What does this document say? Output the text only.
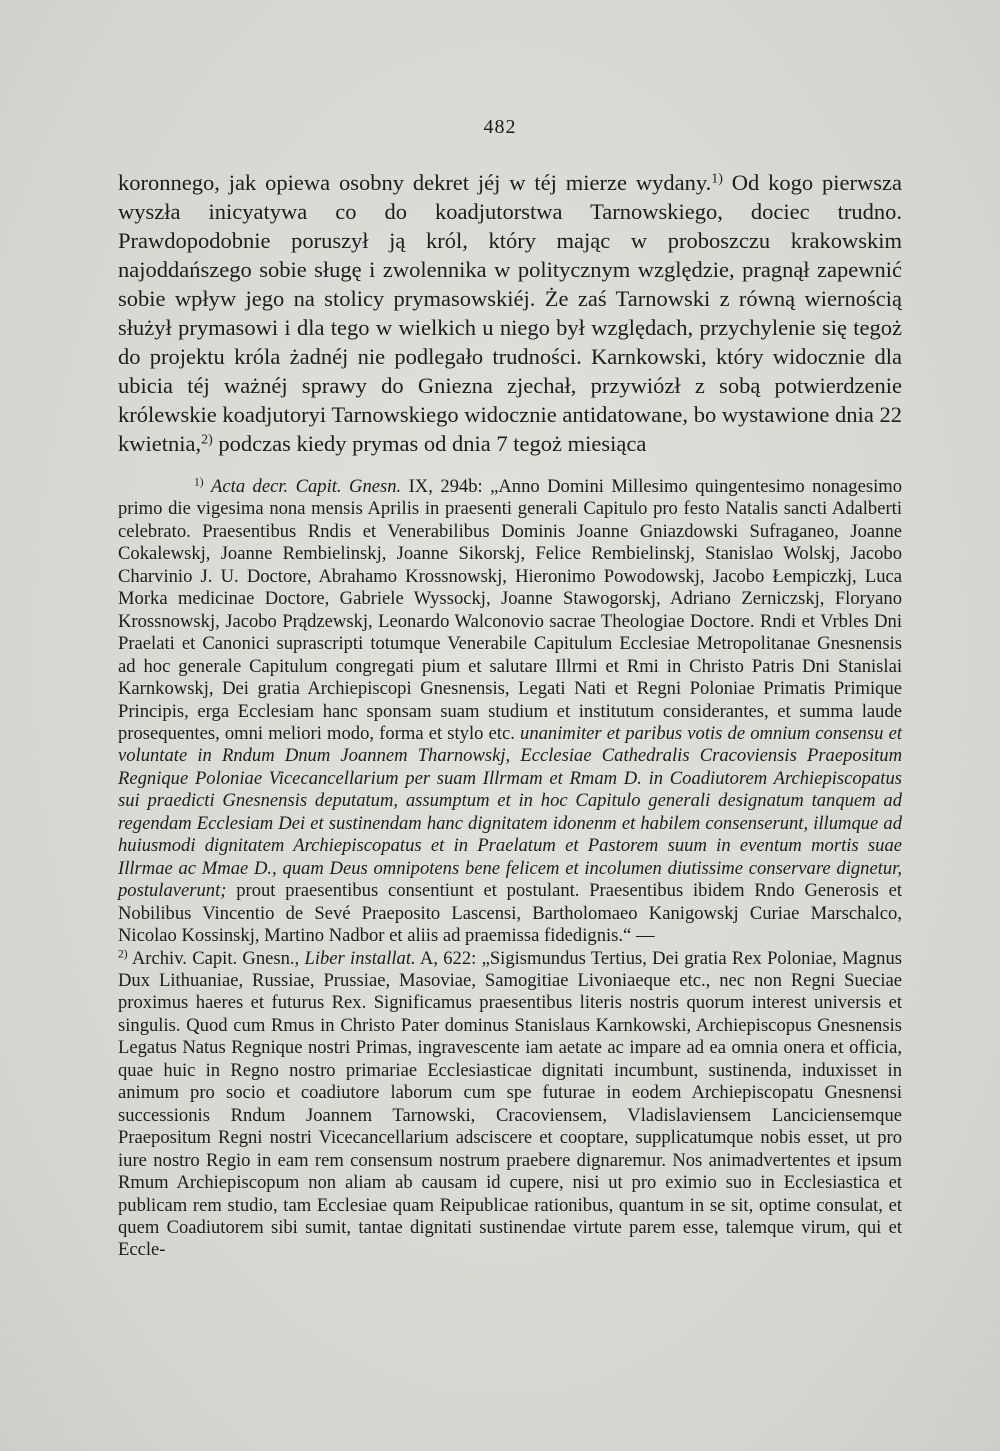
482

koronnego, jak opiewa osobny dekret jéj w téj mierze wydany.$^{1)}$ Od kogo pierwsza wyszła inicyatywa co do koadjutorstwa Tarnowskiego, dociec trudno. Prawdopodobnie poruszył ją król, który mając w proboszczu krakowskim najoddańszego sobie sługę i zwolennika w politycznym względzie, pragnął zapewnić sobie wpływ jego na stolicy prymasowskiéj. Że zaś Tarnowski z równą wiernością służył prymasowi i dla tego w wielkich u niego był względach, przychylenie się tegoż do projektu króla żadnéj nie podlegało trudności. Karnkowski, który widocznie dla ubicia téj ważnéj sprawy do Gniezna zjechał, przywiózł z sobą potwierdzenie królewskie koadjutoryi Tarnowskiego widocznie antidatowane, bo wystawione dnia 22 kwietnia,$^{2)}$ podczas kiedy prymas od dnia 7 tegoż miesiąca

$^{1)}$ Acta decr. Capit. Gnesn. IX, 294b: „Anno Domini Millesimo quingentesimo nonagesimo primo die vigesima nona mensis Aprilis in praesenti generali Capitulo pro festo Natalis sancti Adalberti celebrato. Praesentibus Rndis et Venerabilibus Dominis Joanne Gniazdowski Sufraganeo, Joanne Cokalewskj, Joanne Rembielinskj, Joanne Sikorskj, Felice Rembielinskj, Stanislao Wolskj, Jacobo Charvinio J. U. Doctore, Abrahamo Krossnowskj, Hieronimo Powodowskj, Jacobo Łempiczkj, Luca Morka medicinae Doctore, Gabriele Wyssockj, Joanne Stawogorskj, Adriano Zerniczskj, Floryano Krossnowskj, Jacobo Prądzewskj, Leonardo Walconovio sacrae Theologiae Doctore. Rndi et Vrbles Dni Praelati et Canonici suprascripti totumque Venerabile Capitulum Ecclesiae Metropolitanae Gnesnensis ad hoc generale Capitulum congregati pium et salutare Illrmi et Rmi in Christo Patris Dni Stanislai Karnkowskj, Dei gratia Archiepiscopi Gnesnensis, Legati Nati et Regni Poloniae Primatis Primique Principis, erga Ecclesiam hanc sponsam suam studium et institutum considerantes, et summa laude prosequentes, omni meliori modo, forma et stylo etc. unanimiter et paribus votis de omnium consensu et voluntate in Rndum Dnum Joannem Tharnowskj, Ecclesiae Cathedralis Cracoviensis Praepositum Regnique Poloniae Vicecancellarium per suam Illrmam et Rmam D. in Coadiutorem Archiepiscopatus sui praedicti Gnesnensis deputatum, assumptum et in hoc Capitulo generali designatum tanquem ad regendam Ecclesiam Dei et sustinendam hanc dignitatem idonenm et habilem consenserunt, illumque ad huiusmodi dignitatem Archiepiscopatus et in Praelatum et Pastorem suum in eventum mortis suae Illrmae ac Mmae D., quam Deus omnipotens bene felicem et incolumen diutissime conservare dignetur, postulaverunt; prout praesentibus consentiunt et postulant. Praesentibus ibidem Rndo Generosis et Nobilibus Vincentio de Sevé Praeposito Lascensi, Bartholomaeo Kanigowskj Curiae Marschalco, Nicolao Kossinskj, Martino Nadbor et aliis ad praemissa fidedignis.“ —
$^{2)}$ Archiv. Capit. Gnesn., Liber installat. A, 622: „Sigismundus Tertius, Dei gratia Rex Poloniae, Magnus Dux Lithuaniae, Russiae, Prussiae, Masoviae, Samogitiae Livoniaeque etc., nec non Regni Sueciae proximus haeres et futurus Rex. Significamus praesentibus literis nostris quorum interest universis et singulis. Quod cum Rmus in Christo Pater dominus Stanislaus Karnkowski, Archiepiscopus Gnesnensis Legatus Natus Regnique nostri Primas, ingravescente iam aetate ac impare ad ea omnia onera et officia, quae huic in Regno nostro primariae Ecclesiasticae dignitati incumbunt, sustinenda, induxisset in animum pro socio et coadiutore laborum cum spe futurae in eodem Archiepiscopatu Gnesnensi successionis Rndum Joannem Tarnowski, Cracoviensem, Vladislaviensem Lanciciensemque Praepositum Regni nostri Vicecancellarium adsciscere et cooptare, supplicatumque nobis esset, ut pro iure nostro Regio in eam rem consensum nostrum praebere dignaremur. Nos animadvertentes et ipsum Rmum Archiepiscopum non aliam ab causam id cupere, nisi ut pro eximio suo in Ecclesiastica et publicam rem studio, tam Ecclesiae quam Reipublicae rationibus, quantum in se sit, optime consulat, et quem Coadiutorem sibi sumit, tantae dignitati sustinendae virtute parem esse, talemque virum, qui et Eccle-
